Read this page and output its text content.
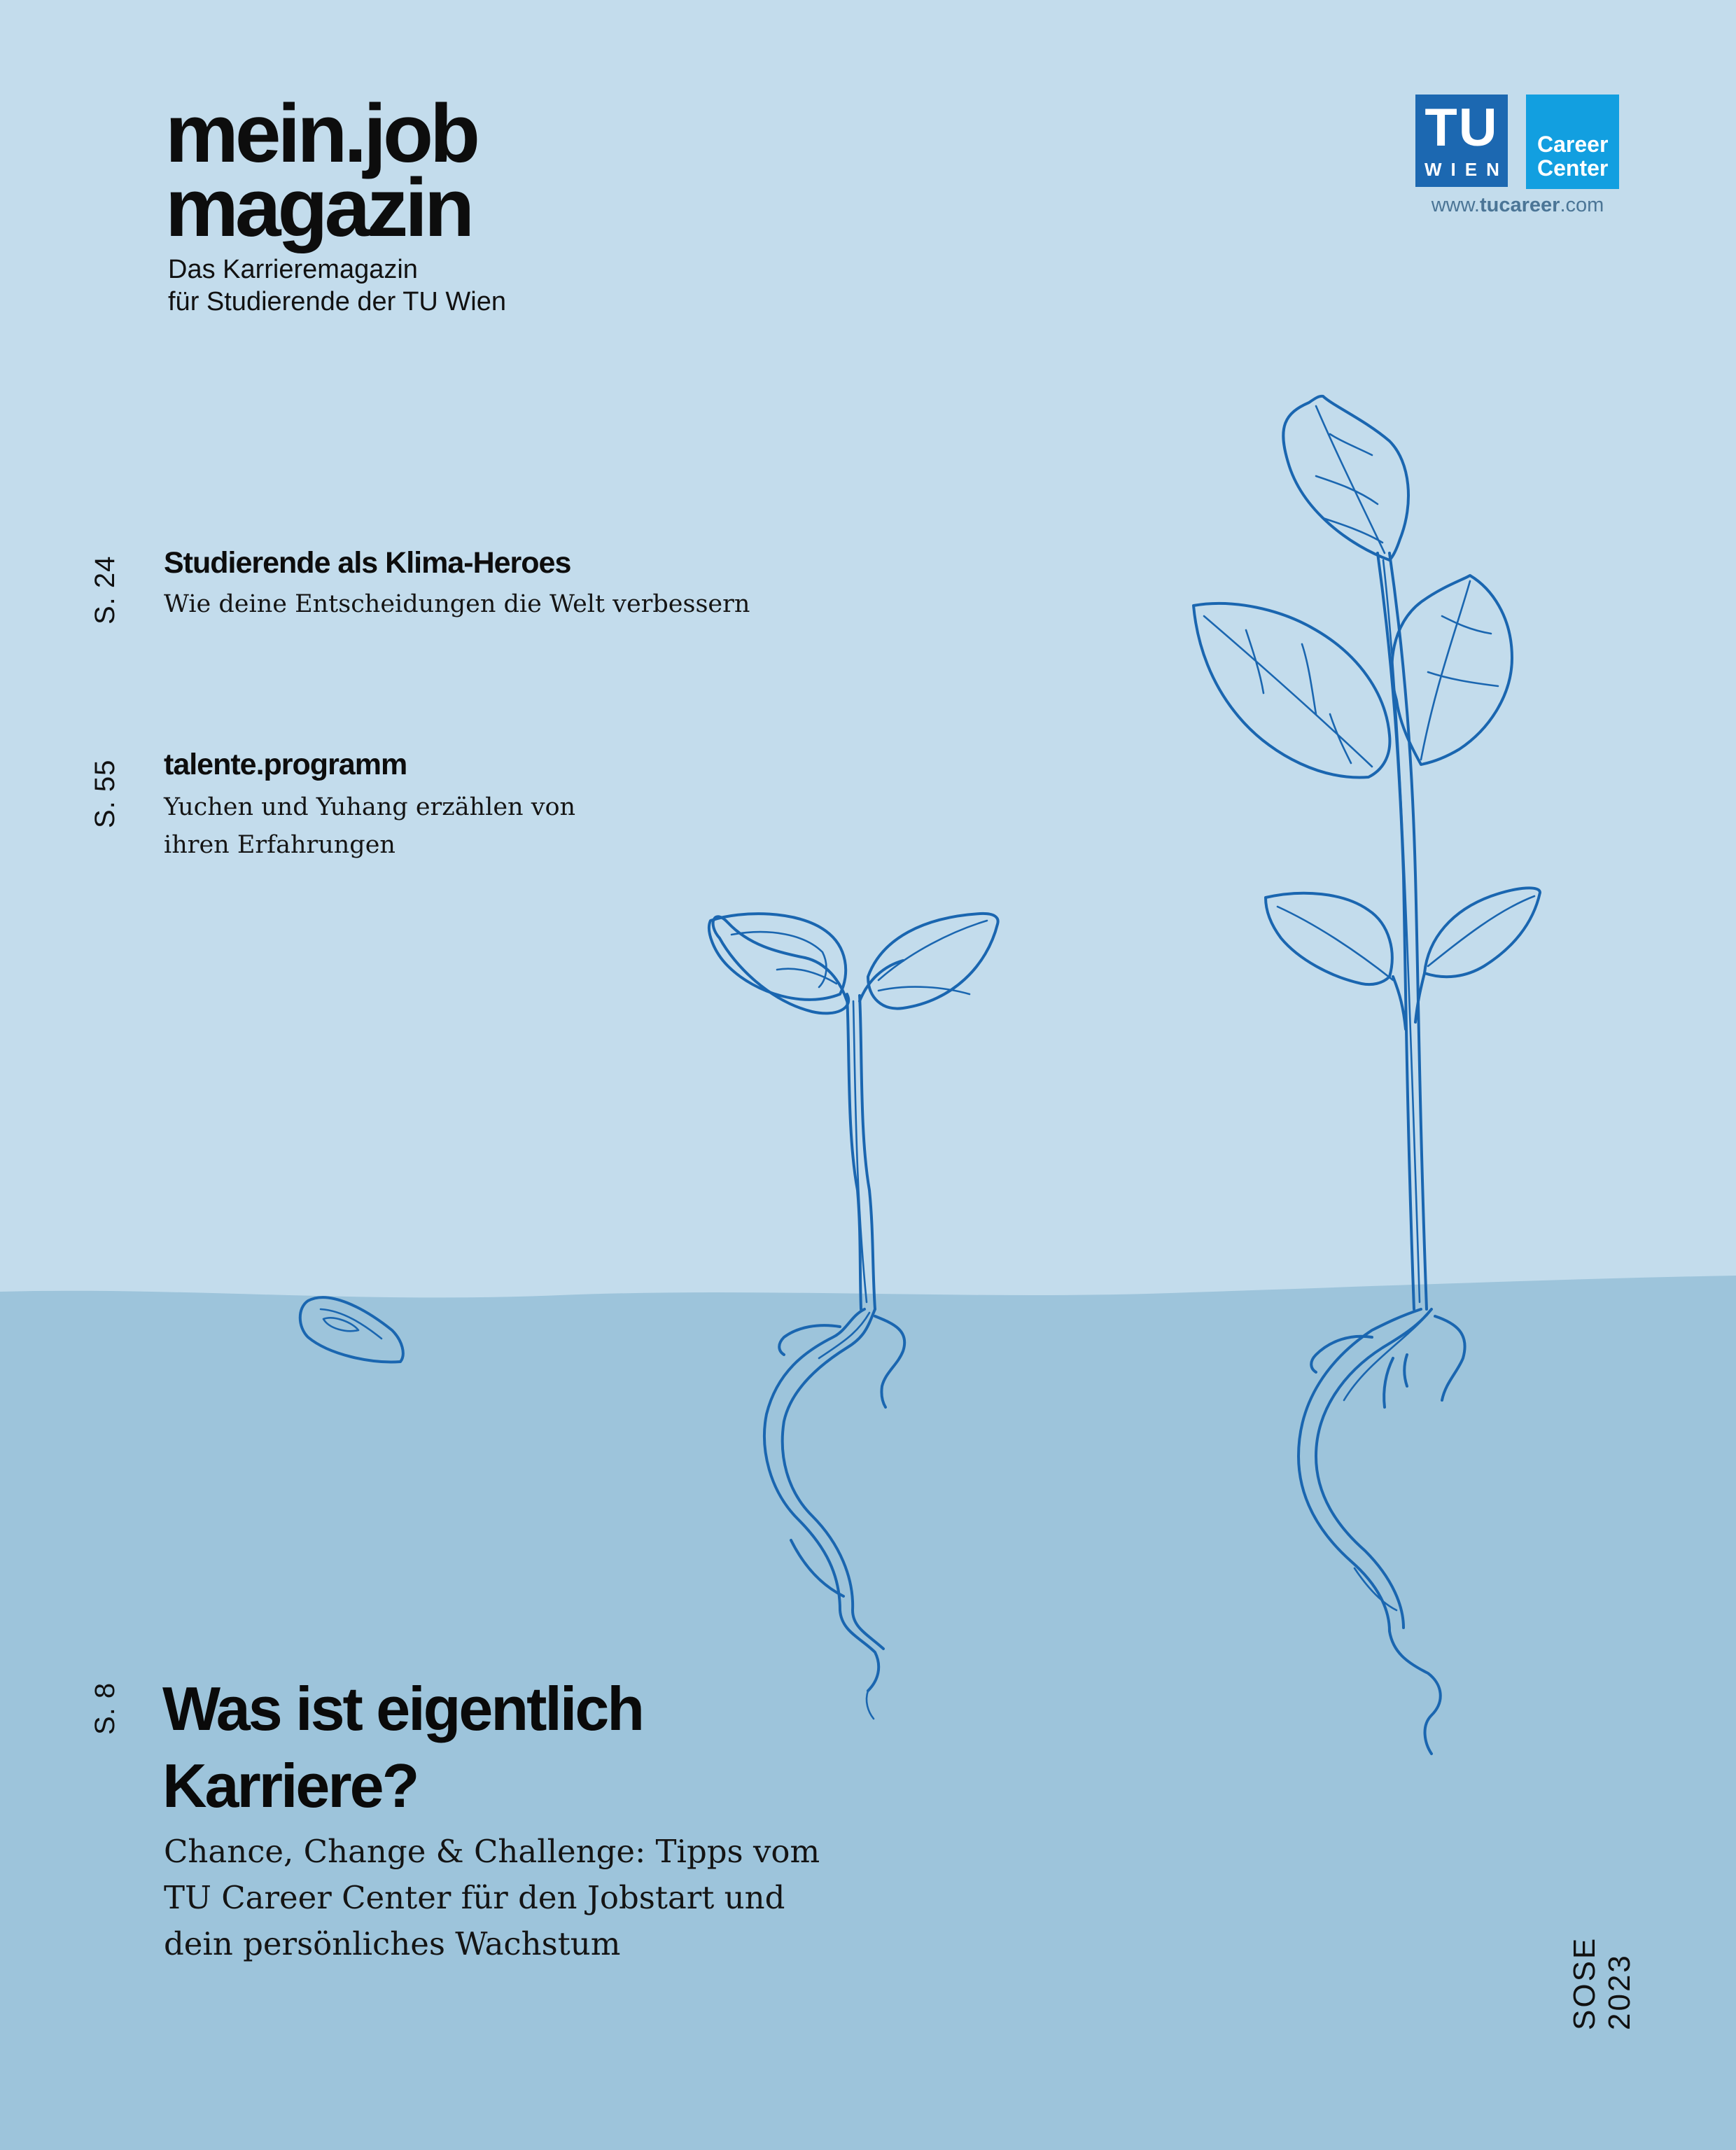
mein.job
magazin
Das Karrieremagazin
für Studierende der TU Wien
TU
WIEN
Career
Center
www.tucareer.com
S. 24 Studierende als Klima-Heroes
Wie deine Entscheidungen die Welt verbessern
S. 55 talente.programm
Yuchen und Yuhang erzählen von
ihren Erfahrungen
S. 8 Was ist eigentlich
Karriere?
Chance, Change & Challenge: Tipps vom
TU Career Center für den Jobstart und
dein persönliches Wachstum	SOSE
2023
